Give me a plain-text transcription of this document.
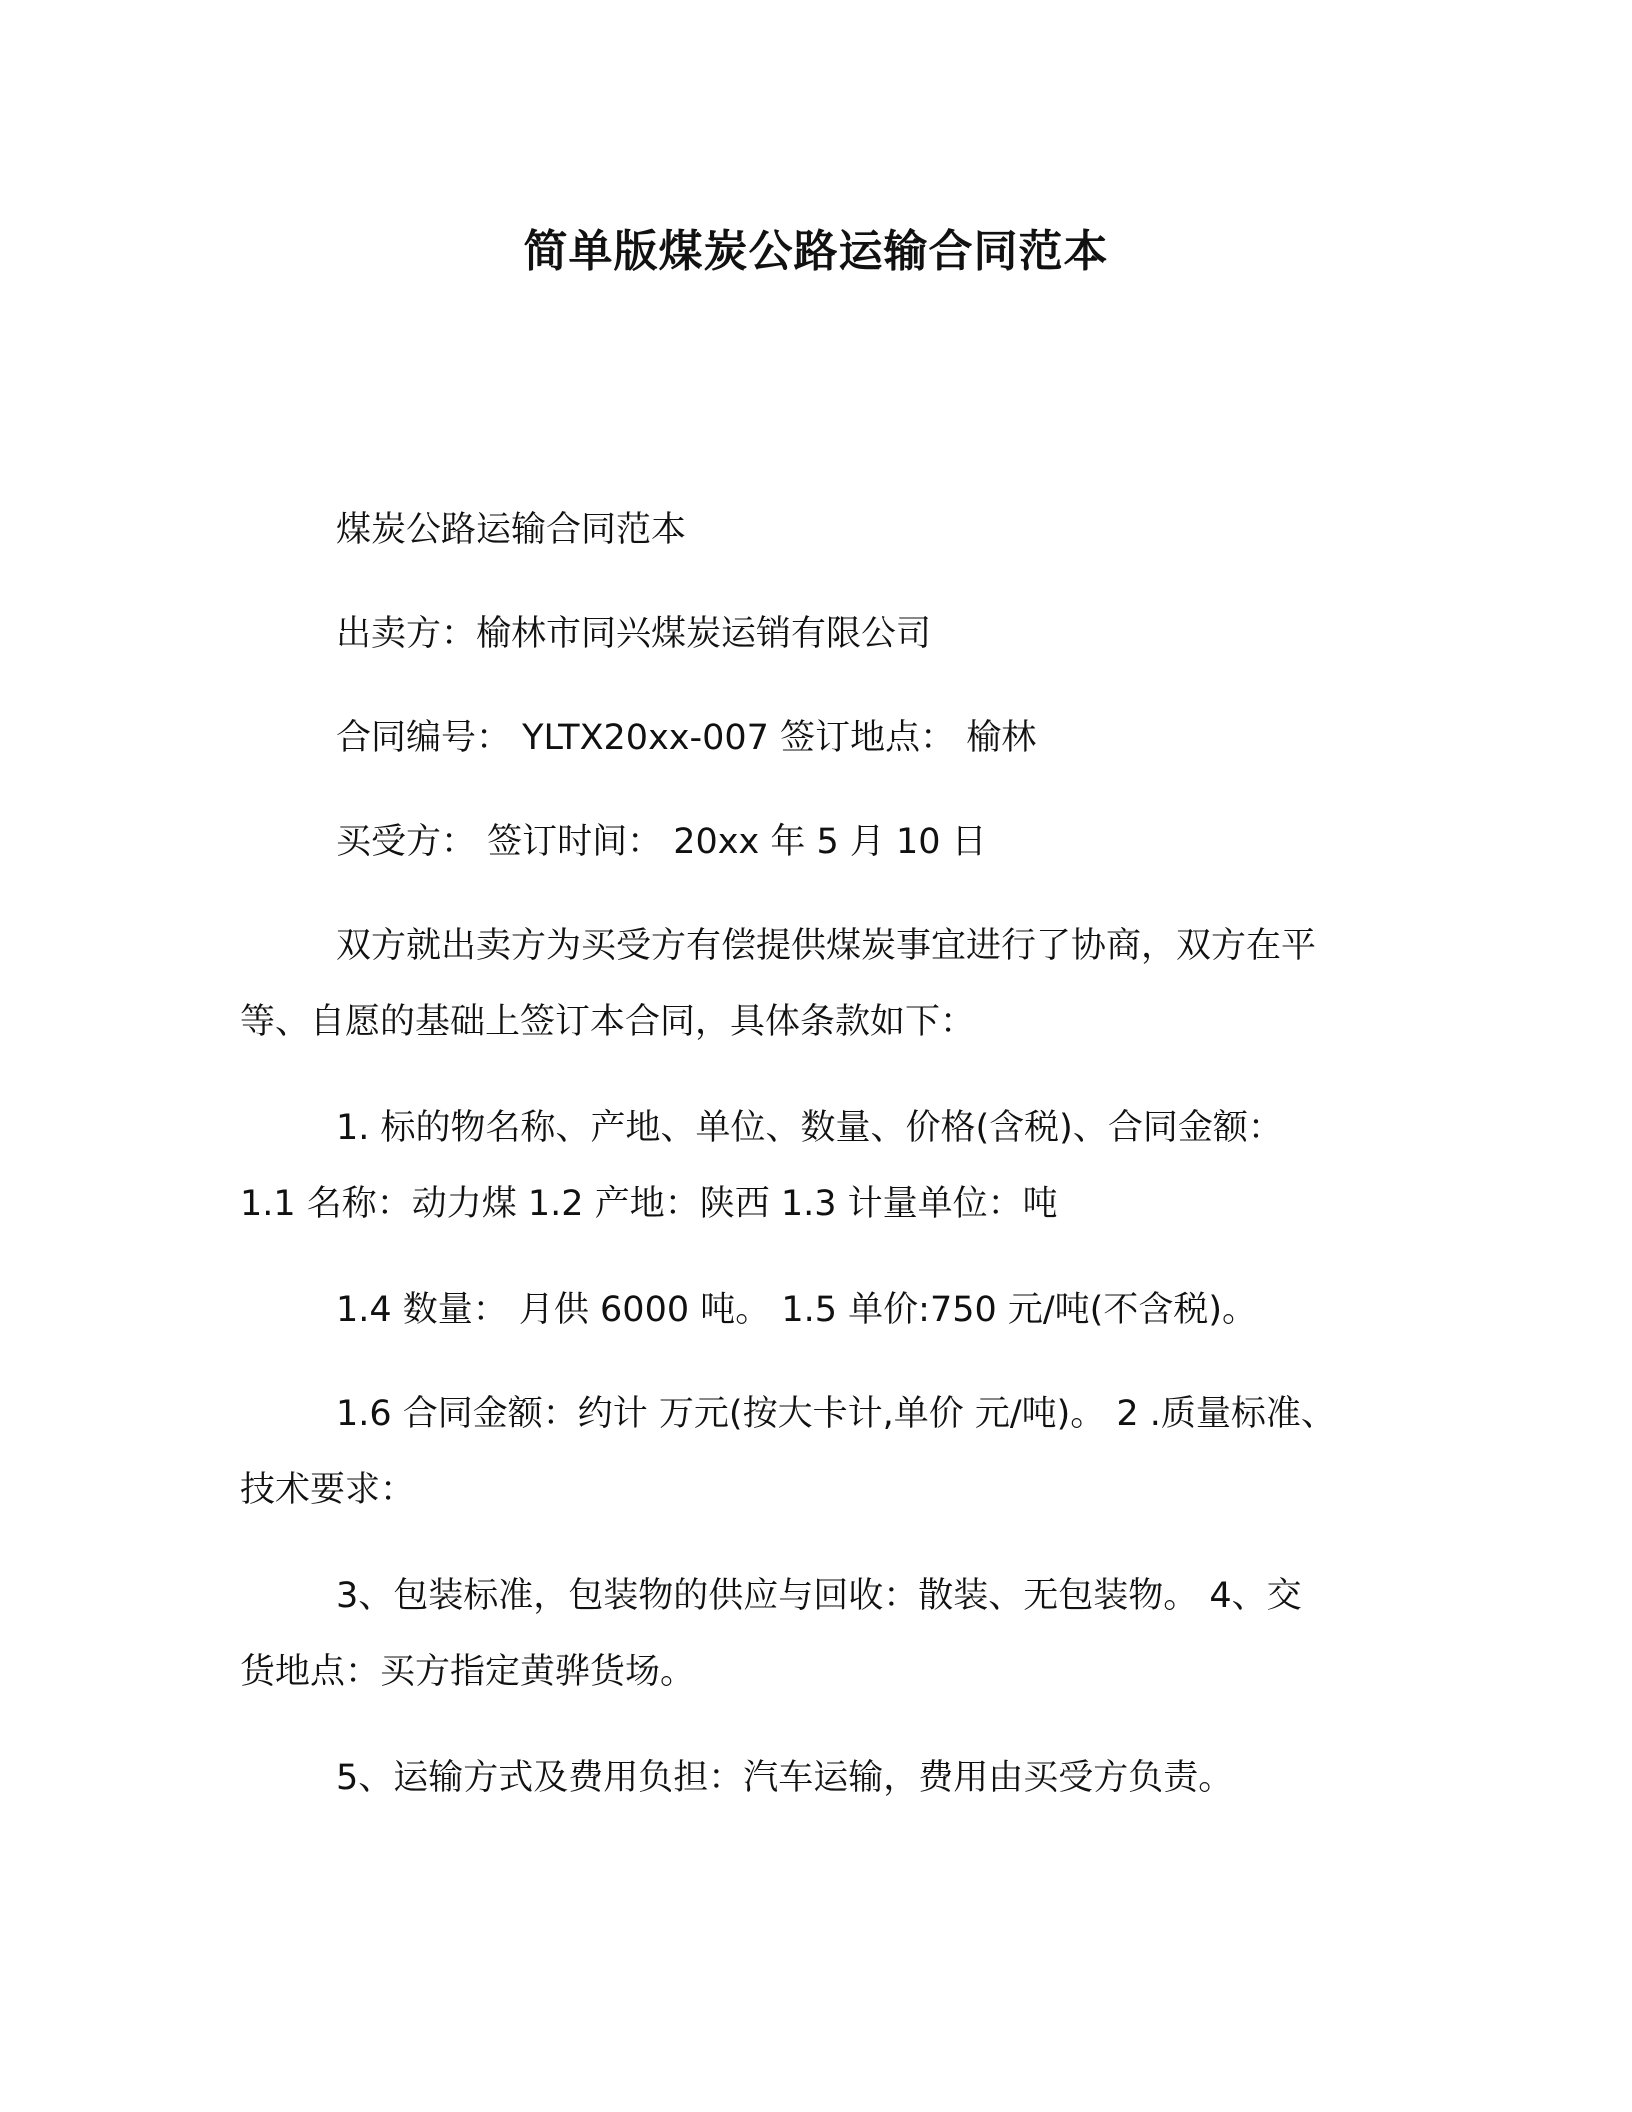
简单版煤炭公路运输合同范本
煤炭公路运输合同范本
出卖方：榆林市同兴煤炭运销有限公司
合同编号： YLTX20xx-007 签订地点： 榆林
买受方： 签订时间： 20xx 年 5 月 10 日
双方就出卖方为买受方有偿提供煤炭事宜进行了协商，双方在平
等、自愿的基础上签订本合同，具体条款如下：
1. 标的物名称、产地、单位、数量、价格(含税)、合同金额：
1.1 名称：动力煤 1.2 产地：陕西 1.3 计量单位：吨
1.4 数量： 月供 6000 吨。 1.5 单价:750 元/吨(不含税)。
1.6 合同金额：约计 万元(按大卡计,单价 元/吨)。 2 .质量标准、
技术要求：
3、包装标准，包装物的供应与回收：散装、无包装物。 4、交
货地点：买方指定黄骅货场。
5、运输方式及费用负担：汽车运输，费用由买受方负责。
